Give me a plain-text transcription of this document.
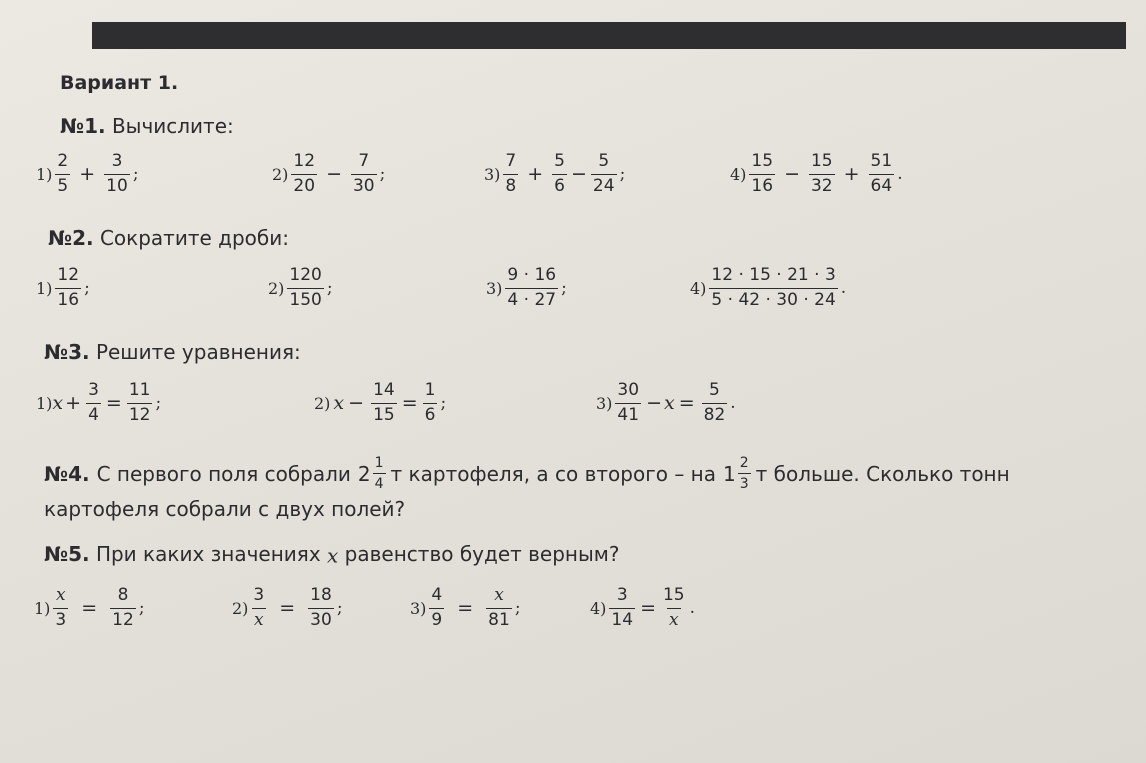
Вариант 1.
№1. Вычислите:
$1) \frac{2}{5} + \frac{3}{10}$ ;	$2) \frac{12}{20} - \frac{7}{30}$ ;	$3) \frac{7}{8} + \frac{5}{6} - \frac{5}{24}$ ;	$4) \frac{15}{16} - \frac{15}{32} + \frac{51}{64}$ .
№2. Сократите дроби:
$1) \frac{12}{16}$ ;	$2) \frac{120}{150}$ ;	$3) \frac{9 \cdot 16}{4 \cdot 27}$ ;	$4) \frac{12 \cdot 15 \cdot 21 \cdot 3}{5 \cdot 42 \cdot 30 \cdot 24}$ .
№3. Решите уравнения:
1) $x + \frac{3}{4} = \frac{11}{12}$ ;	2) $x - \frac{14}{15} = \frac{1}{6}$ ;	$3) \frac{30}{41} - x = \frac{5}{82}$ .
№4. С первого поля собрали $2 \frac{1}{4}$ т картофеля, а со второго – на $1 \frac{2}{3}$ т больше. Сколько тонн
картофеля собрали с двух полей?
№5. При каких значениях x равенство будет верным?
$1) \frac{x}{3} = \frac{8}{12}$ ;	$2) \frac{3}{x} = \frac{18}{30}$ ;	$3) \frac{4}{9} = \frac{x}{81}$ ;	$4) \frac{3}{14} = \frac{15}{x}$ .
